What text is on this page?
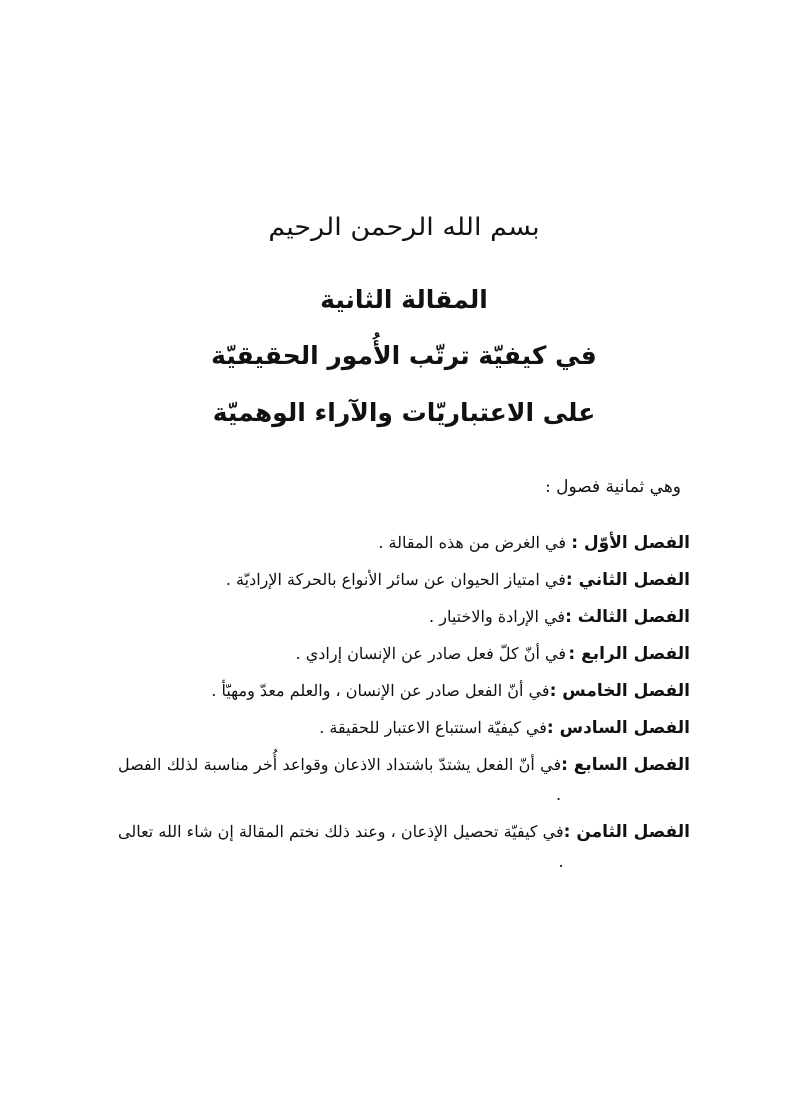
بسم الله الرحمن الرحيم
المقالة الثانية
في كيفيّة ترتّب الأُمور الحقيقيّة
على الاعتباريّات والآراء الوهميّة
وهي ثمانية فصول :
الفصل الأوّل :
في الغرض من هذه المقالة .
الفصل الثاني :
في امتياز الحيوان عن سائر الأنواع بالحركة الإراديّة .
الفصل الثالث :
في الإرادة والاختيار .
الفصل الرابع :
في أنّ كلّ فعل صادر عن الإنسان إرادي .
الفصل الخامس :
في أنّ الفعل صادر عن الإنسان ، والعلم معدّ ومهيّأ .
الفصل السادس :
في كيفيّة استتباع الاعتبار للحقيقة .
الفصل السابع :
في أنّ الفعل يشتدّ باشتداد الاذعان وقواعد أُخر مناسبة لذلك الفصل .
الفصل الثامن :
في كيفيّة تحصيل الإذعان ، وعند ذلك نختم المقالة إن شاء الله تعالى .
